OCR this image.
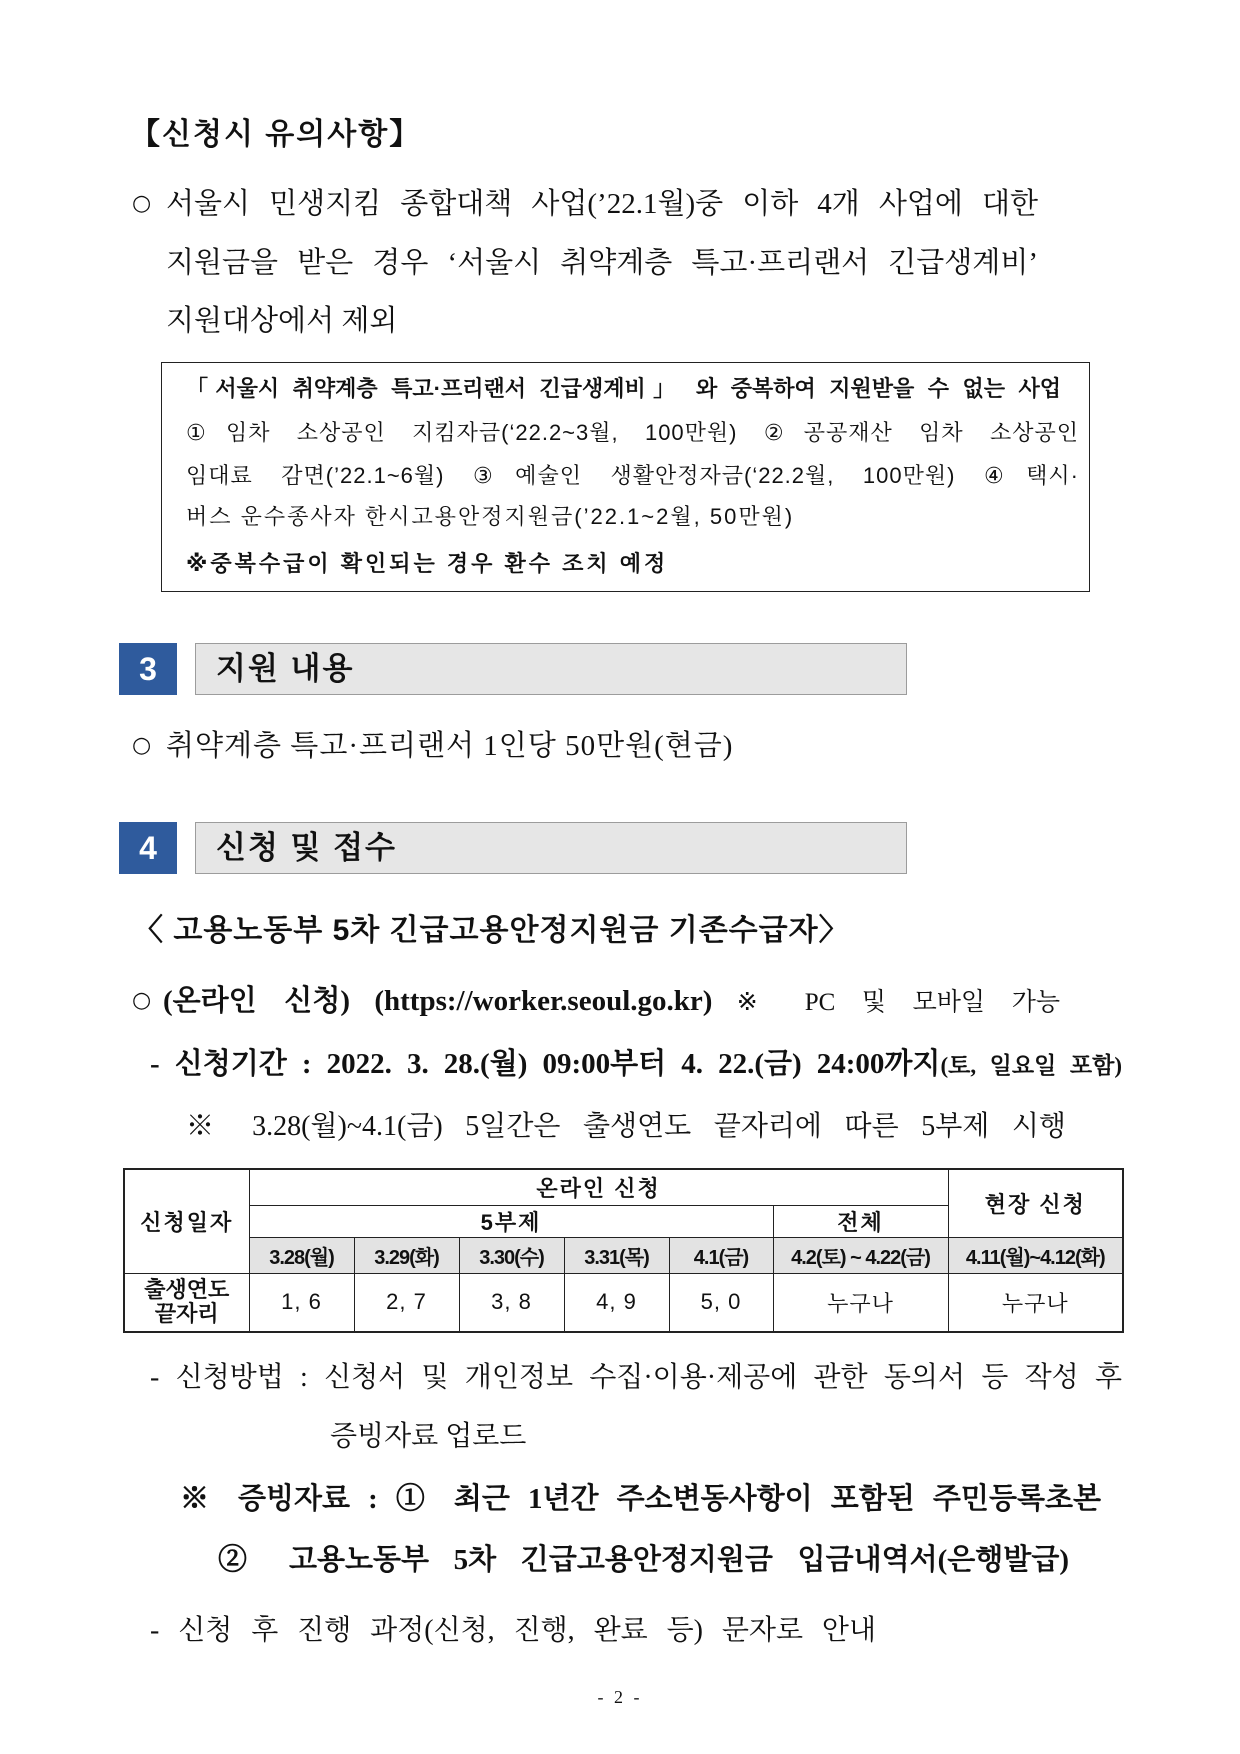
【신청시 유의사항】
○ 서울시 민생지킴 종합대책 사업(’22.1월)중 이하 4개 사업에 대한
지원금을 받은 경우 ‘서울시 취약계층 특고·프리랜서 긴급생계비’
지원대상에서 제외
「서울시 취약계층 특고·프리랜서 긴급생계비」 와 중복하여 지원받을 수 없는 사업
①임차 소상공인 지킴자금(‘22.2~3월, 100만원) ②공공재산 임차 소상공인
임대료 감면(’22.1~6월) ③예술인 생활안정자금(‘22.2월, 100만원) ④택시·
버스 운수종사자 한시고용안정지원금(’22.1~2월, 50만원)
※중복수급이 확인되는 경우 환수 조치 예정
3	지원 내용
○ 취약계층 특고·프리랜서 1인당 50만원(현금)
4	신청 및 접수
〈 고용노동부 5차 긴급고용안정지원금 기존수급자〉
○ (온라인 신청) (https://worker.seoul.go.kr) ※ PC 및 모바일 가능
- 신청기간 : 2022. 3. 28.(월) 09:00부터 4. 22.(금) 24:00까지(토, 일요일 포함)
※ 3.28(월)~4.1(금) 5일간은 출생연도 끝자리에 따른 5부제 시행
신청일자	온라인 신청						현장 신청
	5부제					전체	
	3.28(월)	3.29(화)	3.30(수)	3.31(목)	4.1(금)	4.2(토) ~ 4.22(금)	4.11(월)~4.12(화)
출생연도
끝자리	1, 6	2, 7	3, 8	4, 9	5, 0	누구나	누구나
- 신청방법 : 신청서 및 개인정보 수집·이용·제공에 관한 동의서 등 작성 후
증빙자료 업로드
※ 증빙자료 : ① 최근 1년간 주소변동사항이 포함된 주민등록초본
② 고용노동부 5차 긴급고용안정지원금 입금내역서(은행발급)
- 신청 후 진행 과정(신청, 진행, 완료 등) 문자로 안내
- 2 -
